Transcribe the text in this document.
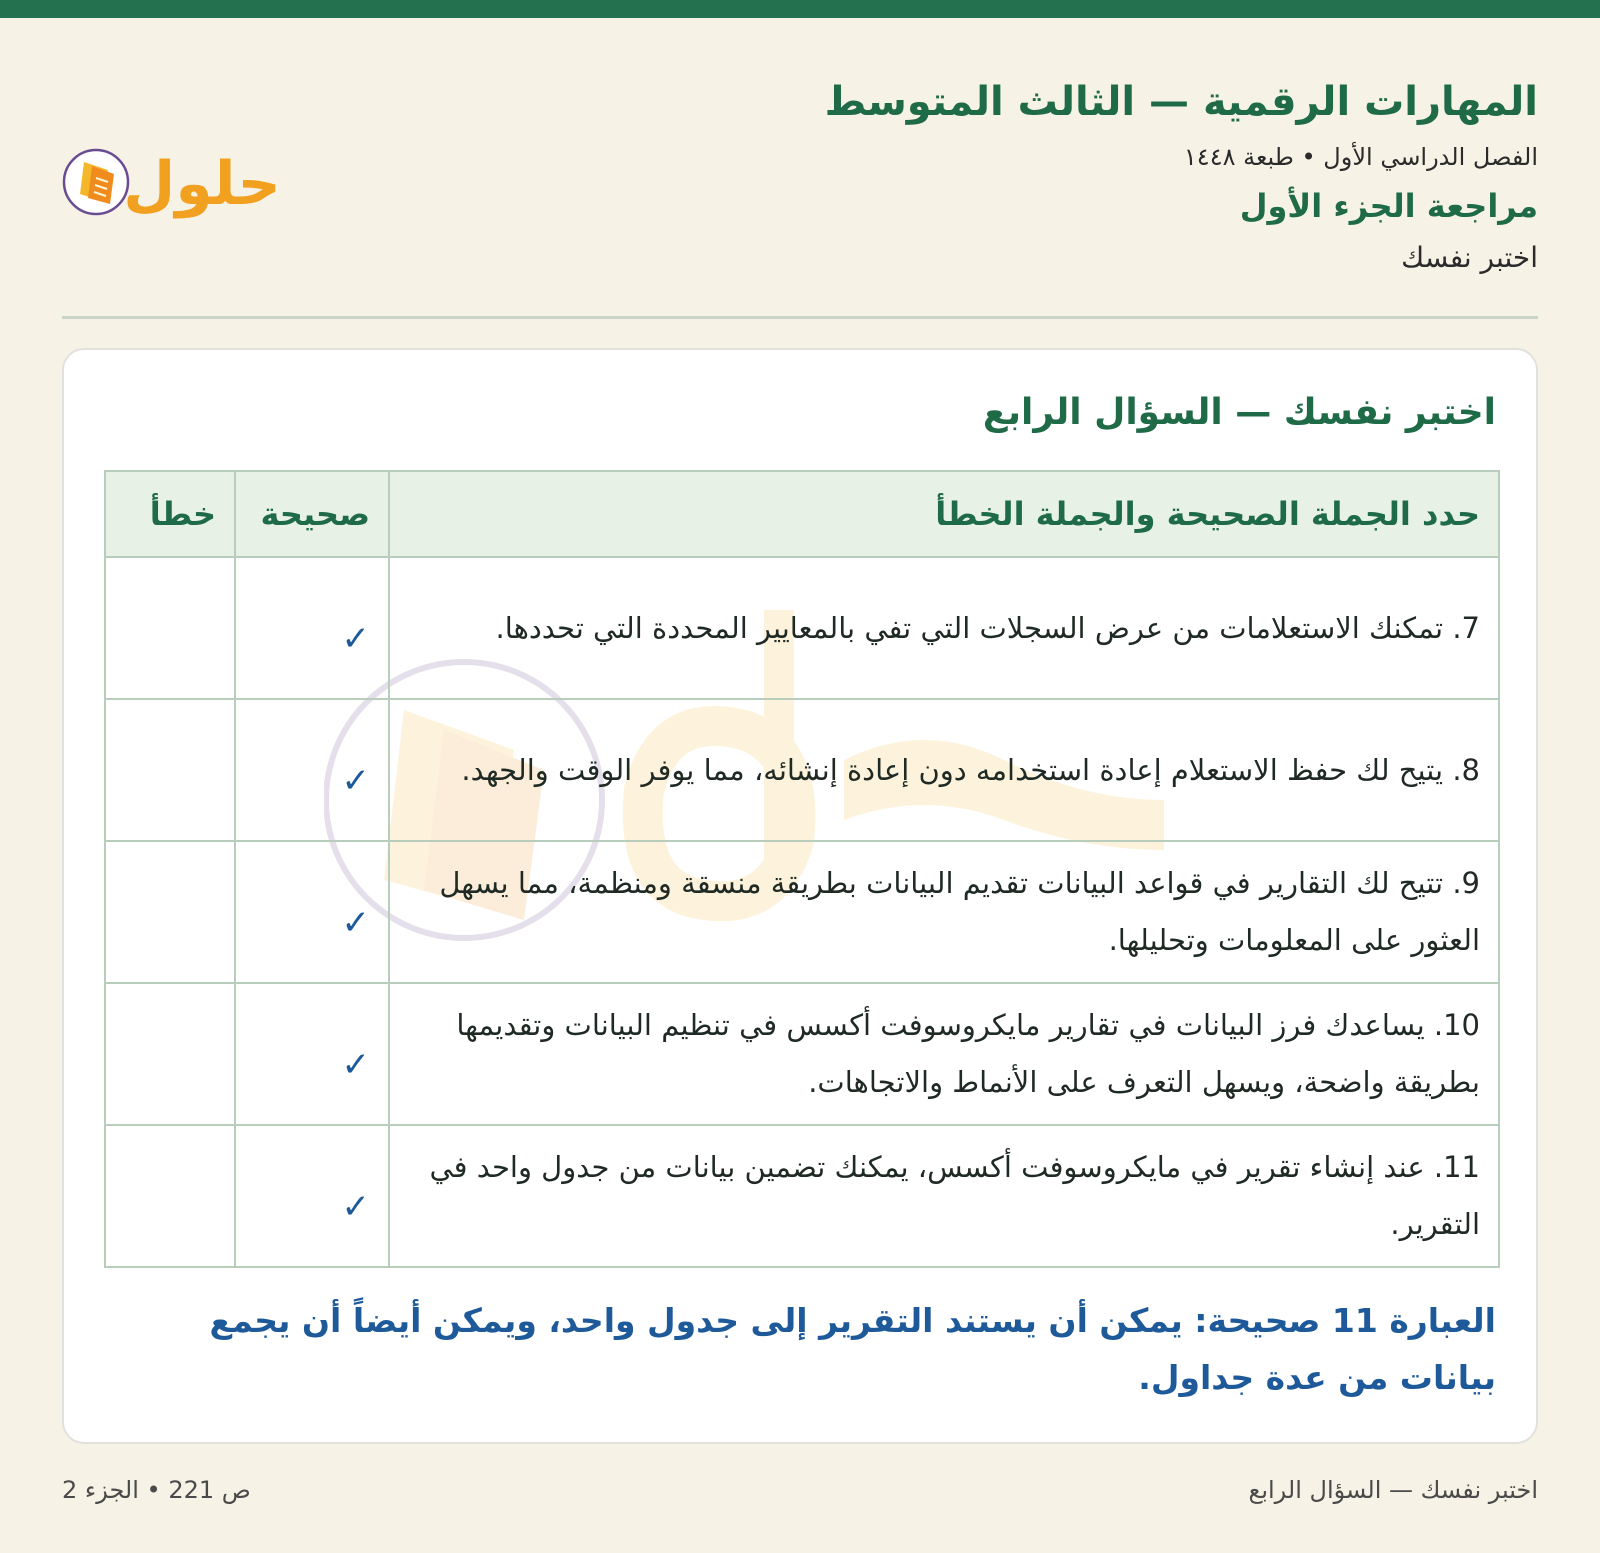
المهارات الرقمية — الثالث المتوسط
الفصل الدراسي الأول • طبعة ١٤٤٨
مراجعة الجزء الأول
اختبر نفسك
حلول
اختبر نفسك — السؤال الرابع
حدد الجملة الصحيحة والجملة الخطأ	صحيحة	خطأ
7. تمكنك الاستعلامات من عرض السجلات التي تفي بالمعايير المحددة التي تحددها.	✓	
8. يتيح لك حفظ الاستعلام إعادة استخدامه دون إعادة إنشائه، مما يوفر الوقت والجهد.	✓	
9. تتيح لك التقارير في قواعد البيانات تقديم البيانات بطريقة منسقة ومنظمة، مما يسهل العثور على المعلومات وتحليلها.	✓	
10. يساعدك فرز البيانات في تقارير مايكروسوفت أكسس في تنظيم البيانات وتقديمها بطريقة واضحة، ويسهل التعرف على الأنماط والاتجاهات.	✓	
11. عند إنشاء تقرير في مايكروسوفت أكسس، يمكنك تضمين بيانات من جدول واحد في التقرير.	✓	
العبارة 11 صحيحة: يمكن أن يستند التقرير إلى جدول واحد، ويمكن أيضاً أن يجمع بيانات من عدة جداول.
اختبر نفسك — السؤال الرابع
ص 221 • الجزء 2
